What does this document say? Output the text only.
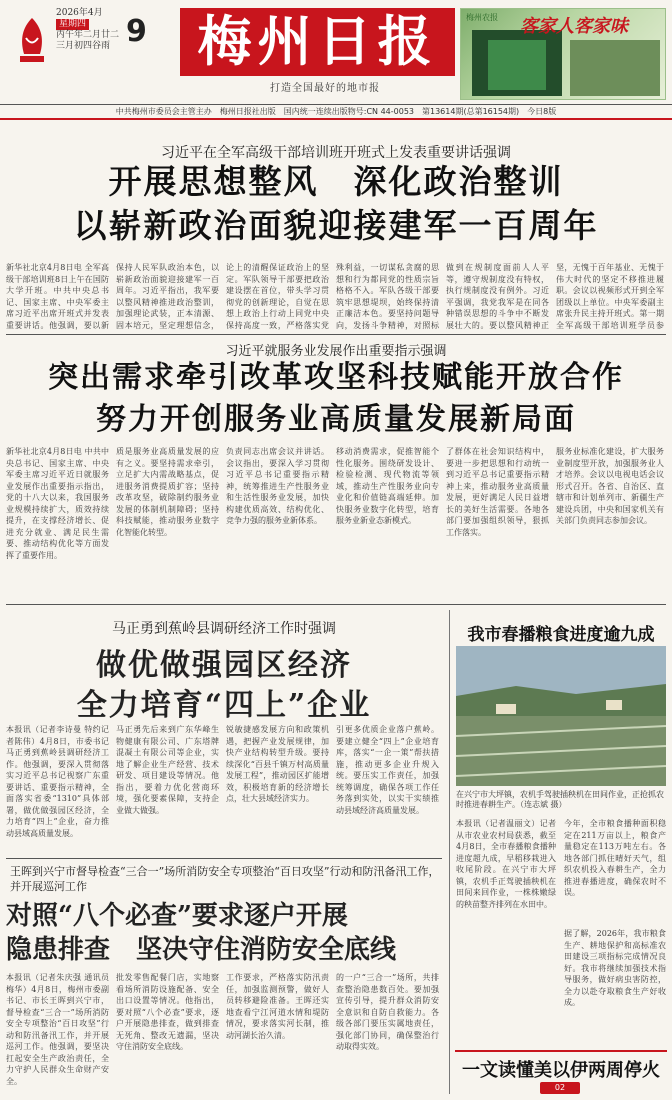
2026年4月
星期四
丙午年二月廿二
三月初四谷雨 9 梅州日报
打造全国最好的地市报
梅州农报 客家人客家味
中共梅州市委员会主管主办　梅州日报社出版　国内统一连续出版物号:CN 44-0053　第13614期(总第16154期)　今日8版
习近平在全军高级干部培训班开班式上发表重要讲话强调
开展思想整风　深化政治整训
以崭新政治面貌迎接建军一百周年
新华社北京4月8日电 全军高级干部培训班8日上午在国防大学开班。中共中央总书记、国家主席、中央军委主席习近平出席开班式并发表重要讲话。他强调，要以新
保持人民军队政治本色，以崭新政治面貌迎接建军一百周年。习近平指出，我军要以整风精神推进政治整训，加强理论武装，正本清源、固本培元，坚定理想信念，
论上的清醒保证政治上的坚定。军队领导干部要把政治建设摆在首位，带头学习贯彻党的创新理论，自觉在思想上政治上行动上同党中央保持高度一致，严格落实党
殊利益，一切谋私贪腐的思想和行为都同党的性质宗旨格格不入。军队各级干部要筑牢思想堤坝，始终保持清正廉洁本色。要坚持问题导向，发扬斗争精神，对照标
做到在规制度面前人人平等，遵守规制度没有特权，执行规制度没有例外。习近平强调，我党我军是在同各种错误思想的斗争中不断发展壮大的。要以整风精神正
坚，无愧于百年基业、无愧于伟大时代的坚定不移推进履职。会议以视频形式开到全军团级以上单位。中央军委副主席张升民主持开班式。第一期全军高级干部培训班学员参
习近平就服务业发展作出重要指示强调
突出需求牵引改革攻坚科技赋能开放合作
努力开创服务业高质量发展新局面
新华社北京4月8日电 中共中央总书记、国家主席、中央军委主席习近平近日就服务业发展作出重要指示指出，党的十八大以来，我国服务业规模持续扩大，质效持续提升，在支撑经济增长、促进充分就业、满足民生需要、推动结构优化等方面发挥了重要作用。
质是服务业高质量发展的应有之义。要坚持需求牵引，立足扩大内需战略基点，促进服务消费提质扩容；坚持改革攻坚，破除制约服务业发展的体制机制障碍；坚持科技赋能，推动服务业数字化智能化转型。
负责同志出席会议并讲话。会议指出，要深入学习贯彻习近平总书记重要指示精神，统筹推进生产性服务业和生活性服务业发展，加快构建优质高效、结构优化、竞争力强的服务业新体系。
移动消费需求，促推智能个性化服务。围绕研发设计、检验检测、现代物流等领域，推动生产性服务业向专业化和价值链高端延伸。加快服务业数字化转型，培育服务业新业态新模式。
了群体在社会知识结构中，要进一步把思想和行动统一到习近平总书记重要指示精神上来，推动服务业高质量发展，更好满足人民日益增长的美好生活需要。各地各部门要加强组织领导，狠抓工作落实。
服务业标准化建设，扩大服务业制度型开放，加强服务业人才培养。会议以电视电话会议形式召开。各省、自治区、直辖市和计划单列市、新疆生产建设兵团，中央和国家机关有关部门负责同志参加会议。
马正勇到蕉岭县调研经济工作时强调
做优做强园区经济
全力培育“四上”企业
本报讯（记者李诗曼 特约记者陈伟）4月8日，市委书记马正勇到蕉岭县调研经济工作。他强调，要深入贯彻落实习近平总书记视察广东重要讲话、重要指示精神，全面落实省委“1310”具体部署，做优做强园区经济，全力培育“四上”企业，奋力推动县域高质量发展。
马正勇先后来到广东华峰生物健康有限公司、广东塔牌混凝土有限公司等企业，实地了解企业生产经营、技术研发、项目建设等情况。他指出，要着力优化营商环境，强化要素保障，支持企业做大做强。
锐敏捷感发展方向和政策机遇，把握产业发展规律，加快产业结构转型升级。要持续深化“百县千镇万村高质量发展工程”，推动园区扩能增效，积极培育新的经济增长点，壮大县域经济实力。
引更多优质企业落户蕉岭。要建立健全“四上”企业培育库，落实“一企一策”帮扶措施，推动更多企业升规入统。要压实工作责任，加强统筹调度，确保各项工作任务落到实处，以实干实绩推动县域经济高质量发展。
王晖到兴宁市督导检查“三合一”场所消防安全专项整治“百日攻坚”行动和防汛备汛工作，并开展巡河工作
对照“八个必查”要求逐户开展
隐患排查　坚决守住消防安全底线
本报讯（记者朱庆强 通讯员梅华）4月8日，梅州市委副书记、市长王晖到兴宁市，督导检查“三合一”场所消防安全专项整治“百日攻坚”行动和防汛备汛工作，并开展巡河工作。他强调，要坚决扛起安全生产政治责任，全力守护人民群众生命财产安全。
批发零售配餐门店，实地察看场所消防设施配备、安全出口设置等情况。他指出，要对照“八个必查”要求，逐户开展隐患排查，做到排查无死角、整改无遗漏，坚决守住消防安全底线。
工作要求，严格落实防汛责任，加强监测预警，做好人员转移避险准备。王晖还实地查看宁江河道水情和堤防情况，要求落实河长制，推动河湖长治久清。
的一户“三合一”场所，共排查整治隐患数百处。要加强宣传引导，提升群众消防安全意识和自防自救能力。各级各部门要压实属地责任，强化部门协同，确保整治行动取得实效。
我市春播粮食进度逾九成
在兴宁市大坪镇，农机手驾驶插秧机在田间作业，正抢抓农时推进春耕生产。（连志斌 摄）
本报讯（记者温丽文）记者从市农业农村局获悉，截至4月8日，全市春播粮食播种进度超九成，早稻移栽进入收尾阶段。在兴宁市大坪镇，农机手正驾驶插秧机在田间来回作业，一株株嫩绿的秧苗整齐排列在水田中。
今年，全市粮食播种面积稳定在211万亩以上，粮食产量稳定在113万吨左右。各地各部门抓住晴好天气，组织农机投入春耕生产，全力推进春播进度，确保农时不误。
据了解，2026年，我市粮食生产、耕地保护和高标准农田建设三项指标完成情况良好。我市将继续加强技术指导服务，做好病虫害防控，全力以赴夺取粮食生产好收成。
一文读懂美以伊两周停火
02
